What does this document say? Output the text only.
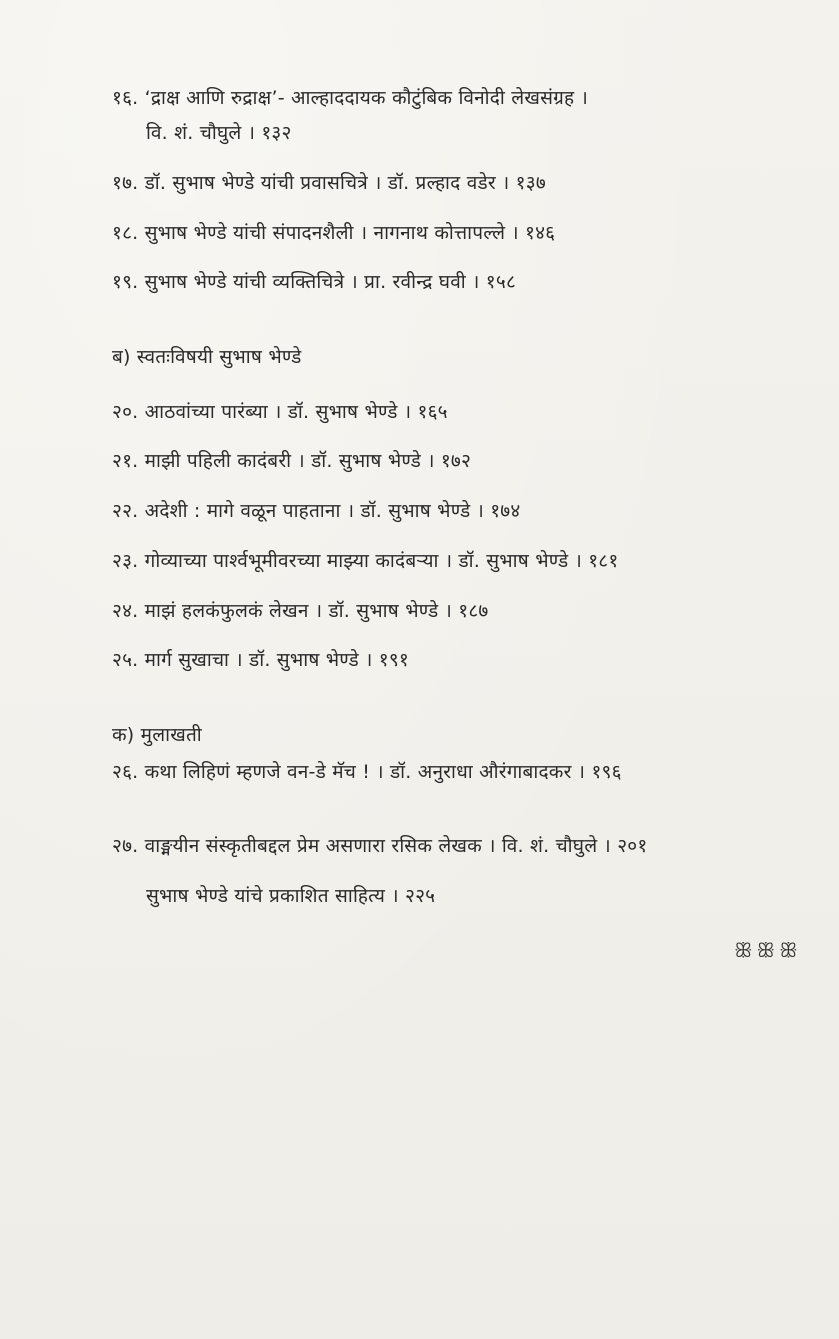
१६. ‘द्राक्ष आणि रुद्राक्ष’- आल्हाददायक कौटुंबिक विनोदी लेखसंग्रह ।
वि. शं. चौघुले । १३२
१७. डॉ. सुभाष भेण्डे यांची प्रवासचित्रे । डॉ. प्रल्हाद वडेर । १३७
१८. सुभाष भेण्डे यांची संपादनशैली । नागनाथ कोत्तापल्ले । १४६
१९. सुभाष भेण्डे यांची व्यक्तिचित्रे । प्रा. रवीन्द्र घवी । १५८
ब) स्वतःविषयी सुभाष भेण्डे
२०. आठवांच्या पारंब्या । डॉ. सुभाष भेण्डे । १६५
२१. माझी पहिली कादंबरी । डॉ. सुभाष भेण्डे । १७२
२२. अदेशी : मागे वळून पाहताना । डॉ. सुभाष भेण्डे । १७४
२३. गोव्याच्या पार्श्वभूमीवरच्या माझ्या कादंबऱ्या । डॉ. सुभाष भेण्डे । १८१
२४. माझं हलकंफुलकं लेखन । डॉ. सुभाष भेण्डे । १८७
२५. मार्ग सुखाचा । डॉ. सुभाष भेण्डे । १९१
क) मुलाखती
२६. कथा लिहिणं म्हणजे वन-डे मॅच ! । डॉ. अनुराधा औरंगाबादकर । १९६
२७. वाङ्मयीन संस्कृतीबद्दल प्रेम असणारा रसिक लेखक । वि. शं. चौघुले । २०१
सुभाष भेण्डे यांचे प्रकाशित साहित्य । २२५
ꕥꕥꕥ
